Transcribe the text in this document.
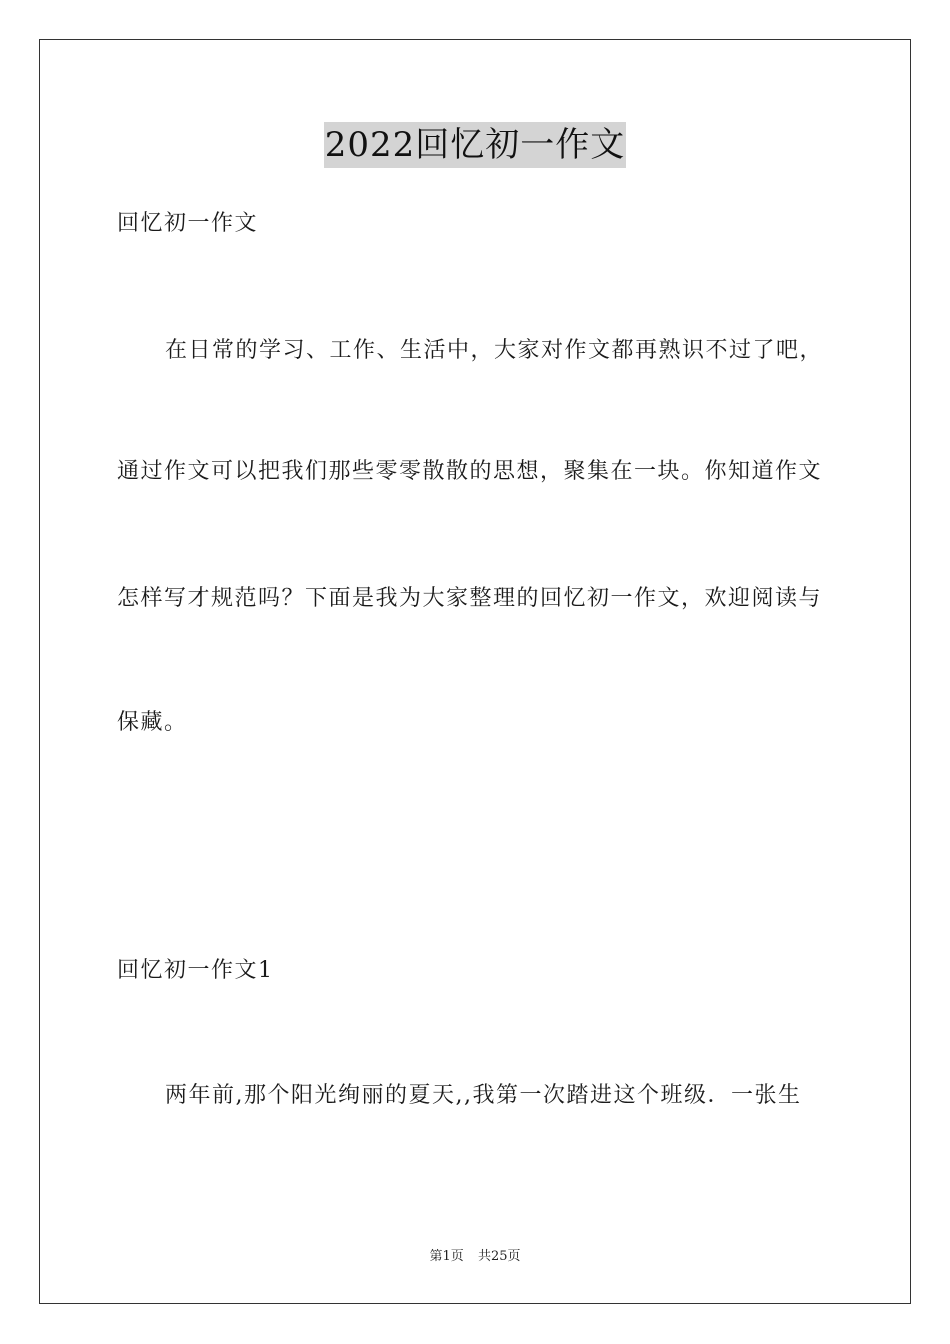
2022回忆初一作文
回忆初一作文
在日常的学习、工作、生活中，大家对作文都再熟识不过了吧，
通过作文可以把我们那些零零散散的思想，聚集在一块。你知道作文
怎样写才规范吗？下面是我为大家整理的回忆初一作文，欢迎阅读与
保藏。
回忆初一作文1
两年前,那个阳光绚丽的夏天,,我第一次踏进这个班级．一张生
第1页 共25页
